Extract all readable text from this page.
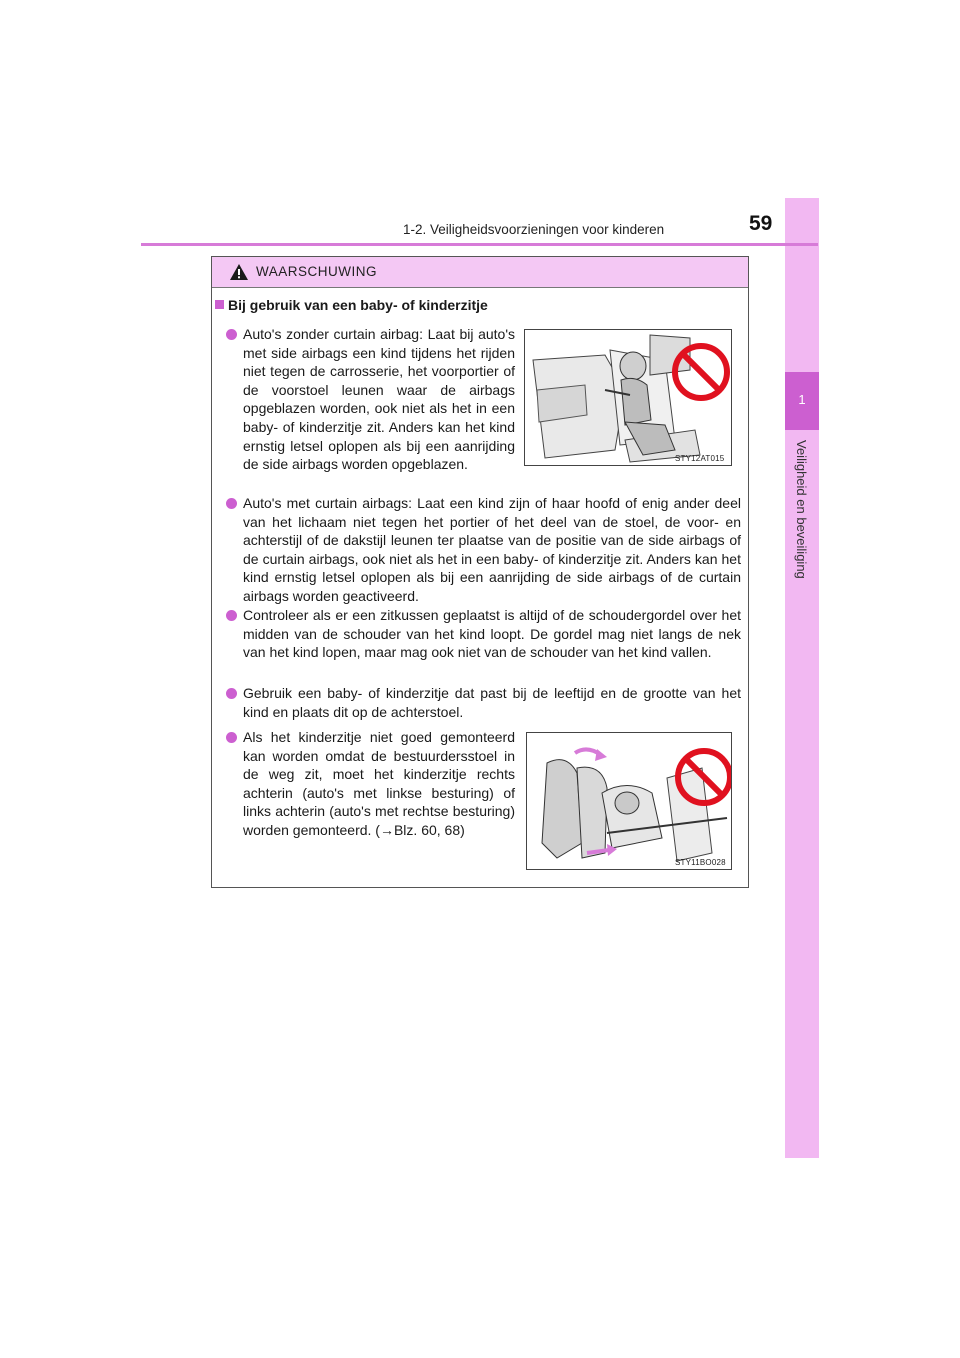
1
Veiligheid en beveiliging
1-2. Veiligheidsvoorzieningen voor kinderen	59
WAARSCHUWING
Bij gebruik van een baby- of kinderzitje
Auto's zonder curtain airbag: Laat bij auto's met side airbags een kind tijdens het rijden niet tegen de carrosserie, het voorportier of de voorstoel leunen waar de airbags opgeblazen worden, ook niet als het in een baby- of kinderzitje zit. Anders kan het kind ernstig letsel oplopen als bij een aanrijding de side airbags worden opgeblazen.	STY12AT015
Auto's met curtain airbags: Laat een kind zijn of haar hoofd of enig ander deel van het lichaam niet tegen het portier of het deel van de stoel, de voor- en achterstijl of de dakstijl leunen ter plaatse van de positie van de side airbags of de curtain airbags, ook niet als het in een baby- of kinderzitje zit. Anders kan het kind ernstig letsel oplopen als bij een aanrijding de side airbags of de curtain airbags worden geactiveerd.
Controleer als er een zitkussen geplaatst is altijd of de schoudergordel over het midden van de schouder van het kind loopt. De gordel mag niet langs de nek van het kind lopen, maar mag ook niet van de schouder van het kind vallen.
Gebruik een baby- of kinderzitje dat past bij de leeftijd en de grootte van het kind en plaats dit op de achterstoel.
Als het kinderzitje niet goed gemonteerd kan worden omdat de bestuurdersstoel in de weg zit, moet het kinderzitje rechts achterin (auto's met linkse besturing) of links achterin (auto's met rechtse besturing) worden gemonteerd. (→Blz. 60, 68)
STY11BO028
